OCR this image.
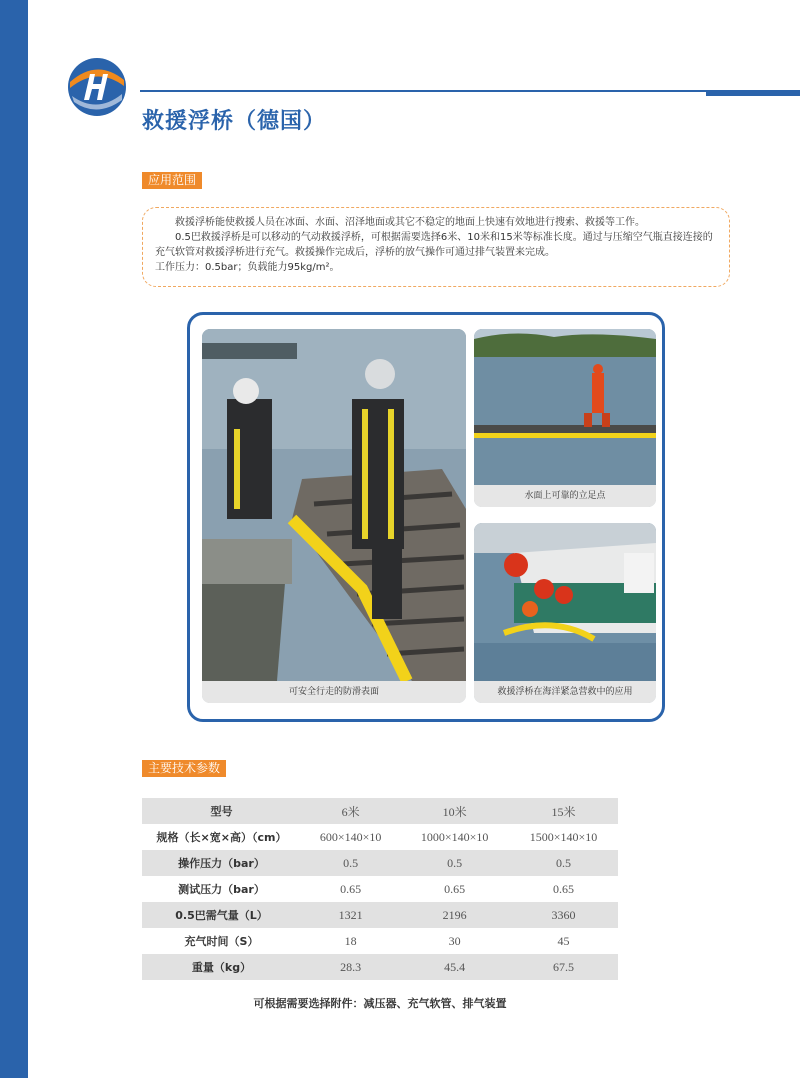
救援浮桥（德国）
应用范围

救援浮桥能使救援人员在冰面、水面、沼泽地面或其它不稳定的地面上快速有效地进行搜索、救援等工作。

0.5巴救援浮桥是可以移动的气动救援浮桥，可根据需要选择6米、10米和15米等标准长度。通过与压缩空气瓶直接连接的充气软管对救援浮桥进行充气。救援操作完成后，浮桥的放气操作可通过排气装置来完成。

工作压力：0.5bar；负载能力95kg/m²。

可安全行走的防滑表面
水面上可靠的立足点
救援浮桥在海洋紧急营救中的应用
主要技术参数
型号	6米	10米	15米
规格（长×宽×高）（cm）	600×140×10	1000×140×10	1500×140×10
操作压力（bar）	0.5	0.5	0.5
测试压力（bar）	0.65	0.65	0.65
0.5巴需气量（L）	1321	2196	3360
充气时间（S）	18	30	45
重量（kg）	28.3	45.4	67.5
可根据需要选择附件：减压器、充气软管、排气装置
